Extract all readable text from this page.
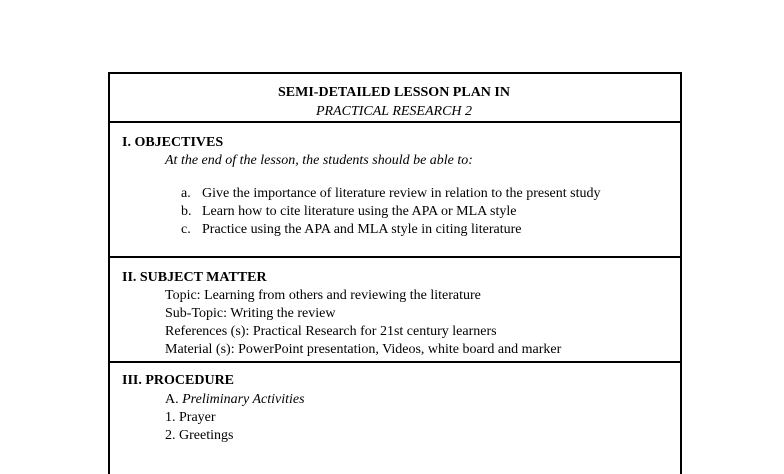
SEMI-DETAILED LESSON PLAN IN
PRACTICAL RESEARCH 2
I. OBJECTIVES
At the end of the lesson, the students should be able to:
a. Give the importance of literature review in relation to the present study
b. Learn how to cite literature using the APA or MLA style
c. Practice using the APA and MLA style in citing literature
II. SUBJECT MATTER
Topic: Learning from others and reviewing the literature
Sub-Topic: Writing the review
References (s): Practical Research for 21st century learners
Material (s): PowerPoint presentation, Videos, white board and marker
III. PROCEDURE
A. Preliminary Activities
1. Prayer
2. Greetings
